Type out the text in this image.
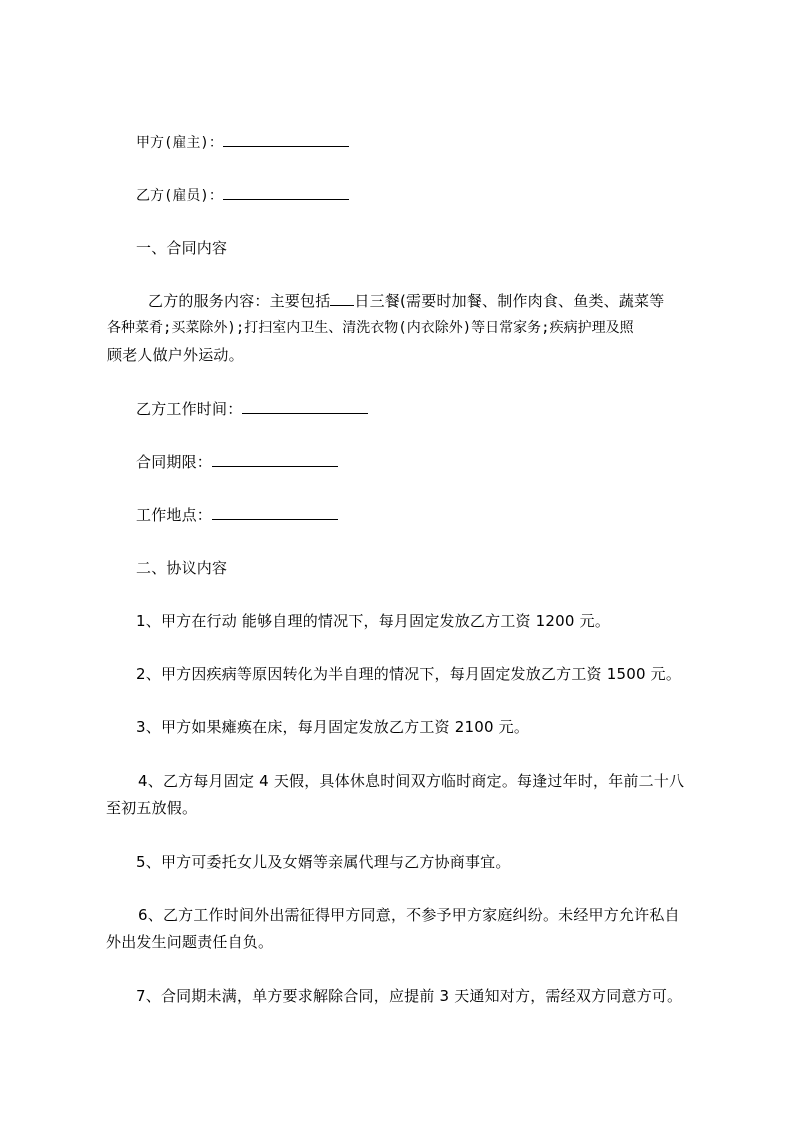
甲方(雇主)：

乙方(雇员)：

一、合同内容

乙方的服务内容：主要包括 日三餐(需要时加餐、制作肉食、鱼类、蔬菜等

各种菜肴;买菜除外);打扫室内卫生、清洗衣物(内衣除外)等日常家务;疾病护理及照

顾老人做户外运动。

乙方工作时间：

合同期限：

工作地点：

二、协议内容

1、甲方在行动 能够自理的情况下，每月固定发放乙方工资 1200 元。

2、甲方因疾病等原因转化为半自理的情况下，每月固定发放乙方工资 1500 元。

3、甲方如果瘫痪在床，每月固定发放乙方工资 2100 元。

4、乙方每月固定 4 天假，具体休息时间双方临时商定。每逢过年时，年前二十八

至初五放假。

5、甲方可委托女儿及女婿等亲属代理与乙方协商事宜。

6、乙方工作时间外出需征得甲方同意，不参予甲方家庭纠纷。未经甲方允许私自

外出发生问题责任自负。

7、合同期未满，单方要求解除合同，应提前 3 天通知对方，需经双方同意方可。
